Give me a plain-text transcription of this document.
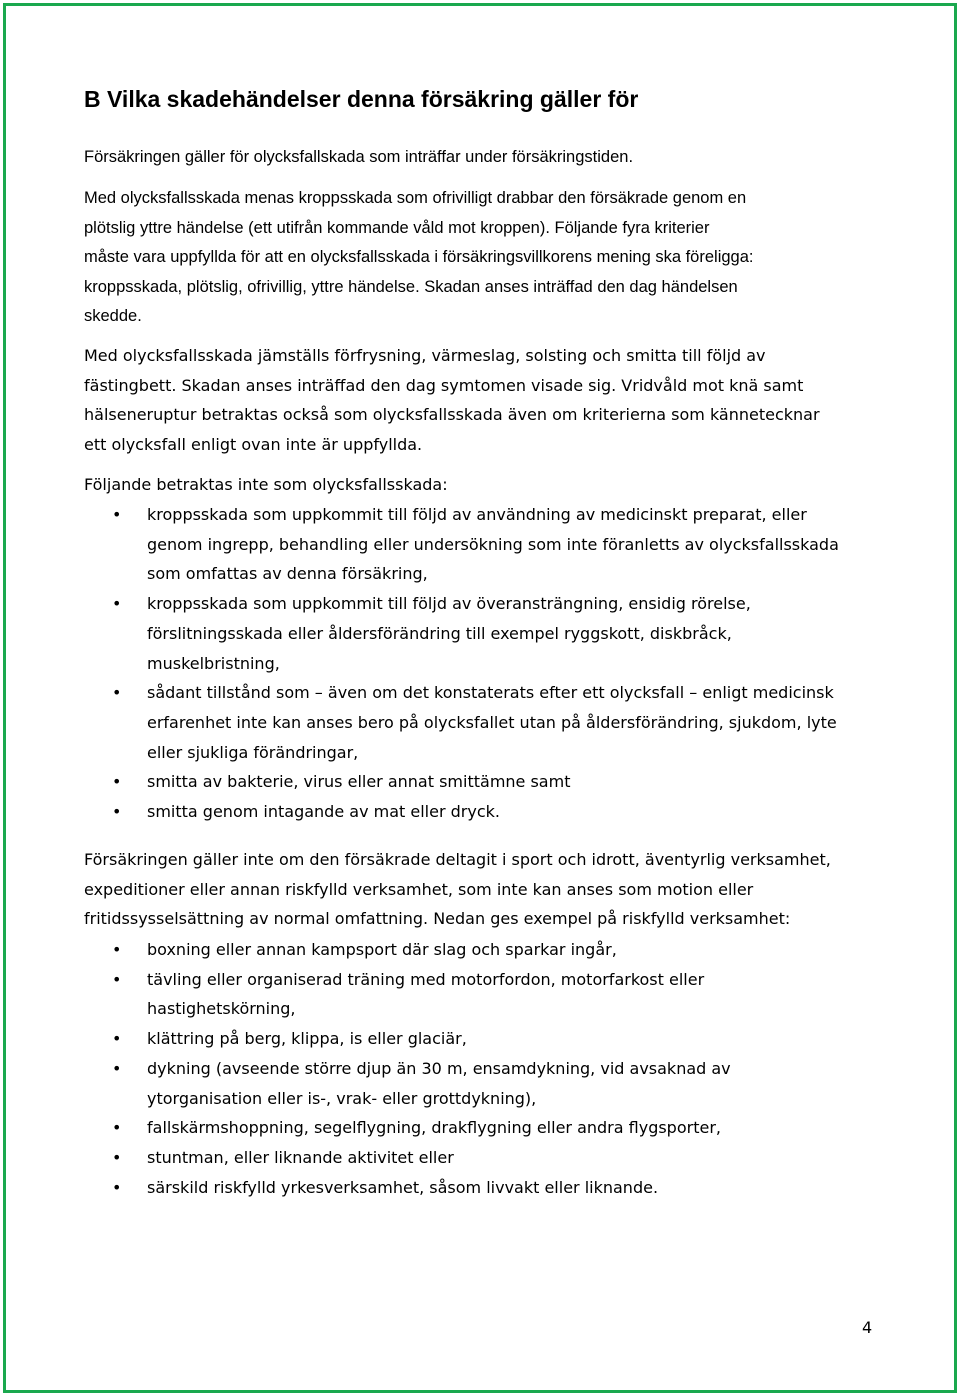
B Vilka skadehändelser denna försäkring gäller för

Försäkringen gäller för olycksfallskada som inträffar under försäkringstiden.

Med olycksfallsskada menas kroppsskada som ofrivilligt drabbar den försäkrade genom en
plötslig yttre händelse (ett utifrån kommande våld mot kroppen). Följande fyra kriterier
måste vara uppfyllda för att en olycksfallsskada i försäkringsvillkorens mening ska föreligga:
kroppsskada, plötslig, ofrivillig, yttre händelse. Skadan anses inträffad den dag händelsen
skedde.

Med olycksfallsskada jämställs förfrysning, värmeslag, solsting och smitta till följd av
fästingbett. Skadan anses inträffad den dag symtomen visade sig. Vridvåld mot knä samt
hälseneruptur betraktas också som olycksfallsskada även om kriterierna som kännetecknar
ett olycksfall enligt ovan inte är uppfyllda.

Följande betraktas inte som olycksfallsskada:

• kroppsskada som uppkommit till följd av användning av medicinskt preparat, eller
genom ingrepp, behandling eller undersökning som inte föranletts av olycksfallsskada
som omfattas av denna försäkring,
• kroppsskada som uppkommit till följd av överansträngning, ensidig rörelse,
förslitningsskada eller åldersförändring till exempel ryggskott, diskbråck,
muskelbristning,
• sådant tillstånd som – även om det konstaterats efter ett olycksfall – enligt medicinsk
erfarenhet inte kan anses bero på olycksfallet utan på åldersförändring, sjukdom, lyte
eller sjukliga förändringar,
• smitta av bakterie, virus eller annat smittämne samt
• smitta genom intagande av mat eller dryck.

Försäkringen gäller inte om den försäkrade deltagit i sport och idrott, äventyrlig verksamhet,
expeditioner eller annan riskfylld verksamhet, som inte kan anses som motion eller
fritidssysselsättning av normal omfattning. Nedan ges exempel på riskfylld verksamhet:

• boxning eller annan kampsport där slag och sparkar ingår,
• tävling eller organiserad träning med motorfordon, motorfarkost eller
hastighetskörning,
• klättring på berg, klippa, is eller glaciär,
• dykning (avseende större djup än 30 m, ensamdykning, vid avsaknad av
ytorganisation eller is-, vrak- eller grottdykning),
• fallskärmshoppning, segelflygning, drakflygning eller andra flygsporter,
• stuntman, eller liknande aktivitet eller
• särskild riskfylld yrkesverksamhet, såsom livvakt eller liknande.
4
